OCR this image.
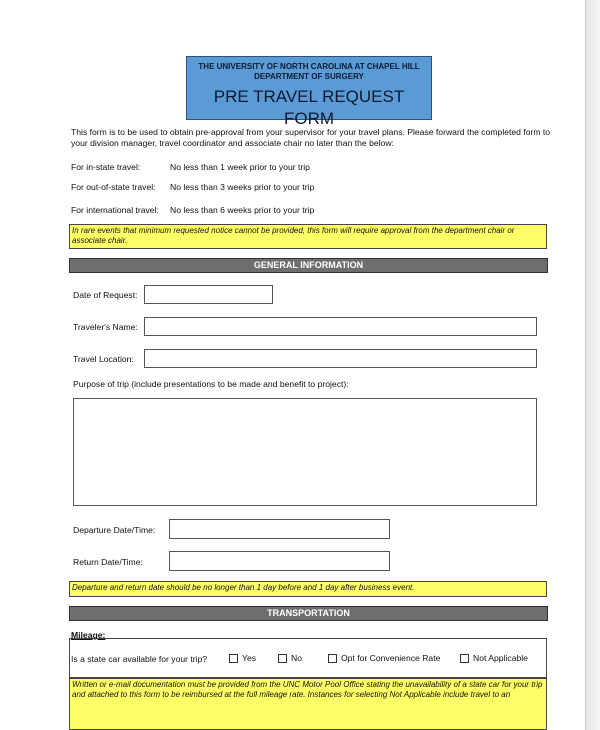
THE UNIVERSITY OF NORTH CAROLINA AT CHAPEL HILL
DEPARTMENT OF SURGERY
PRE TRAVEL REQUEST FORM
This form is to be used to obtain pre-approval from your supervisor for your travel plans. Please forward the completed form to your division manager, travel coordinator and associate chair no later than the below:
For in-state travel:	No less than 1 week prior to your trip
For out-of-state travel: No less than 3 weeks prior to your trip
For international travel: No less than 6 weeks prior to your trip
In rare events that minimum requested notice cannot be provided, this form will require approval from the department chair or associate chair.
GENERAL INFORMATION
Date of Request:
Traveler's Name:
Travel Location:
Purpose of trip (include presentations to be made and benefit to project):
Departure Date/Time:
Return Date/Time:
Departure and return date should be no longer than 1 day before and 1 day after business event.
TRANSPORTATION
Mileage:
Is a state car available for your trip?	Yes	No	Opt for Convenience Rate	Not Applicable
Written or e-mail documentation must be provided from the UNC Motor Pool Office stating the unavailability of a state car for your trip and attached to this form to be reimbursed at the full mileage rate. Instances for selecting Not Applicable include travel to an
